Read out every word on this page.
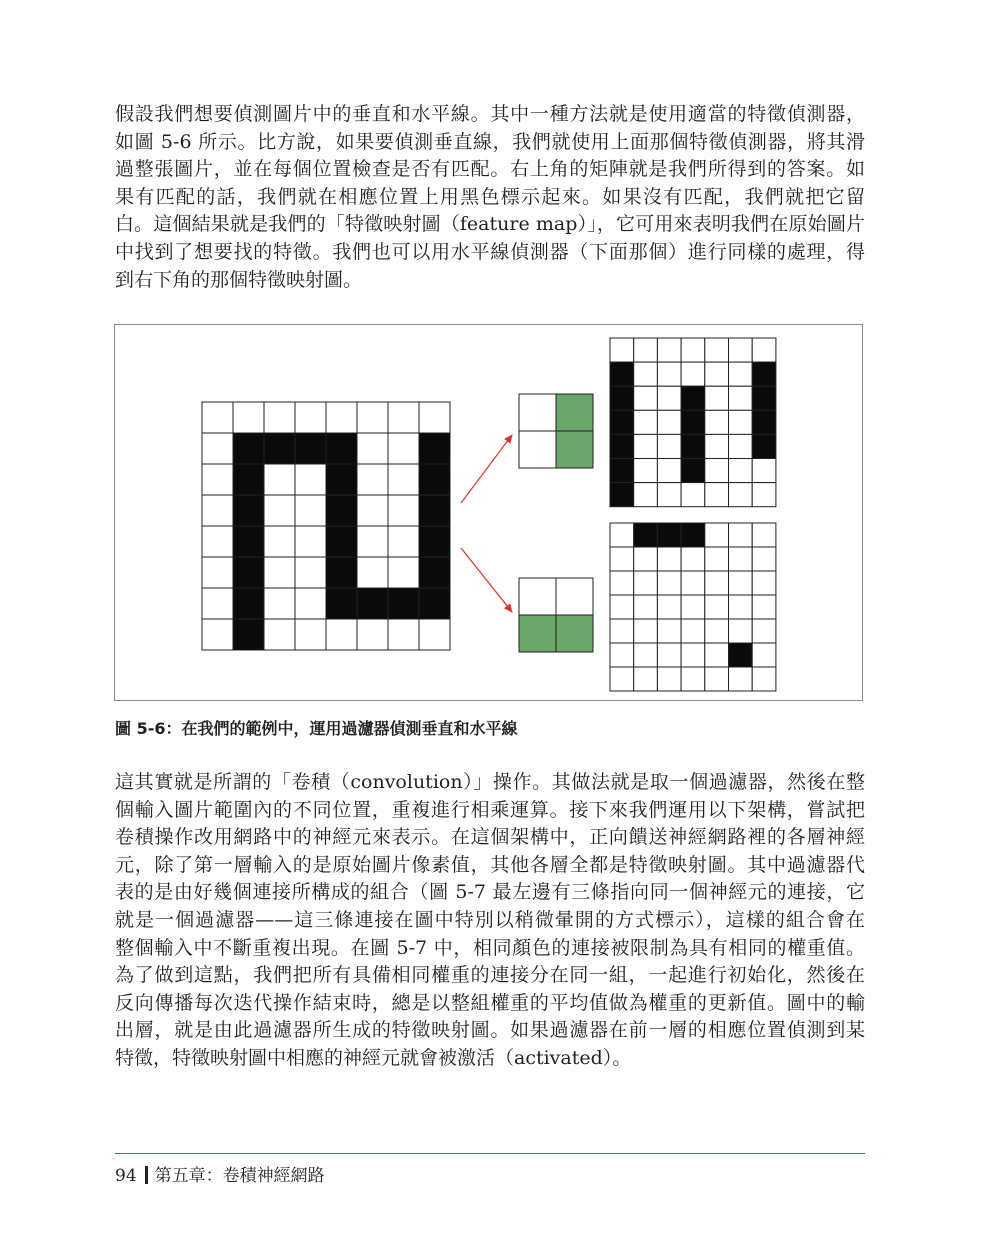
假設我們想要偵測圖片中的垂直和水平線。其中一種方法就是使用適當的特徵偵測器，
如圖 5-6 所示。比方說，如果要偵測垂直線，我們就使用上面那個特徵偵測器，將其滑
過整張圖片，並在每個位置檢查是否有匹配。右上角的矩陣就是我們所得到的答案。如
果有匹配的話，我們就在相應位置上用黑色標示起來。如果沒有匹配，我們就把它留
白。這個結果就是我們的「特徵映射圖（feature map）」，它可用來表明我們在原始圖片
中找到了想要找的特徵。我們也可以用水平線偵測器（下面那個）進行同樣的處理，得
到右下角的那個特徵映射圖。
圖 5-6：在我們的範例中，運用過濾器偵測垂直和水平線
這其實就是所謂的「卷積（convolution）」操作。其做法就是取一個過濾器，然後在整
個輸入圖片範圍內的不同位置，重複進行相乘運算。接下來我們運用以下架構，嘗試把
卷積操作改用網路中的神經元來表示。在這個架構中，正向饋送神經網路裡的各層神經
元，除了第一層輸入的是原始圖片像素值，其他各層全都是特徵映射圖。其中過濾器代
表的是由好幾個連接所構成的組合（圖 5-7 最左邊有三條指向同一個神經元的連接，它
就是一個過濾器——這三條連接在圖中特別以稍微暈開的方式標示），這樣的組合會在
整個輸入中不斷重複出現。在圖 5-7 中，相同顏色的連接被限制為具有相同的權重值。
為了做到這點，我們把所有具備相同權重的連接分在同一組，一起進行初始化，然後在
反向傳播每次迭代操作結束時，總是以整組權重的平均值做為權重的更新值。圖中的輸
出層，就是由此過濾器所生成的特徵映射圖。如果過濾器在前一層的相應位置偵測到某
特徵，特徵映射圖中相應的神經元就會被激活（activated）。
94 第五章：卷積神經網路
